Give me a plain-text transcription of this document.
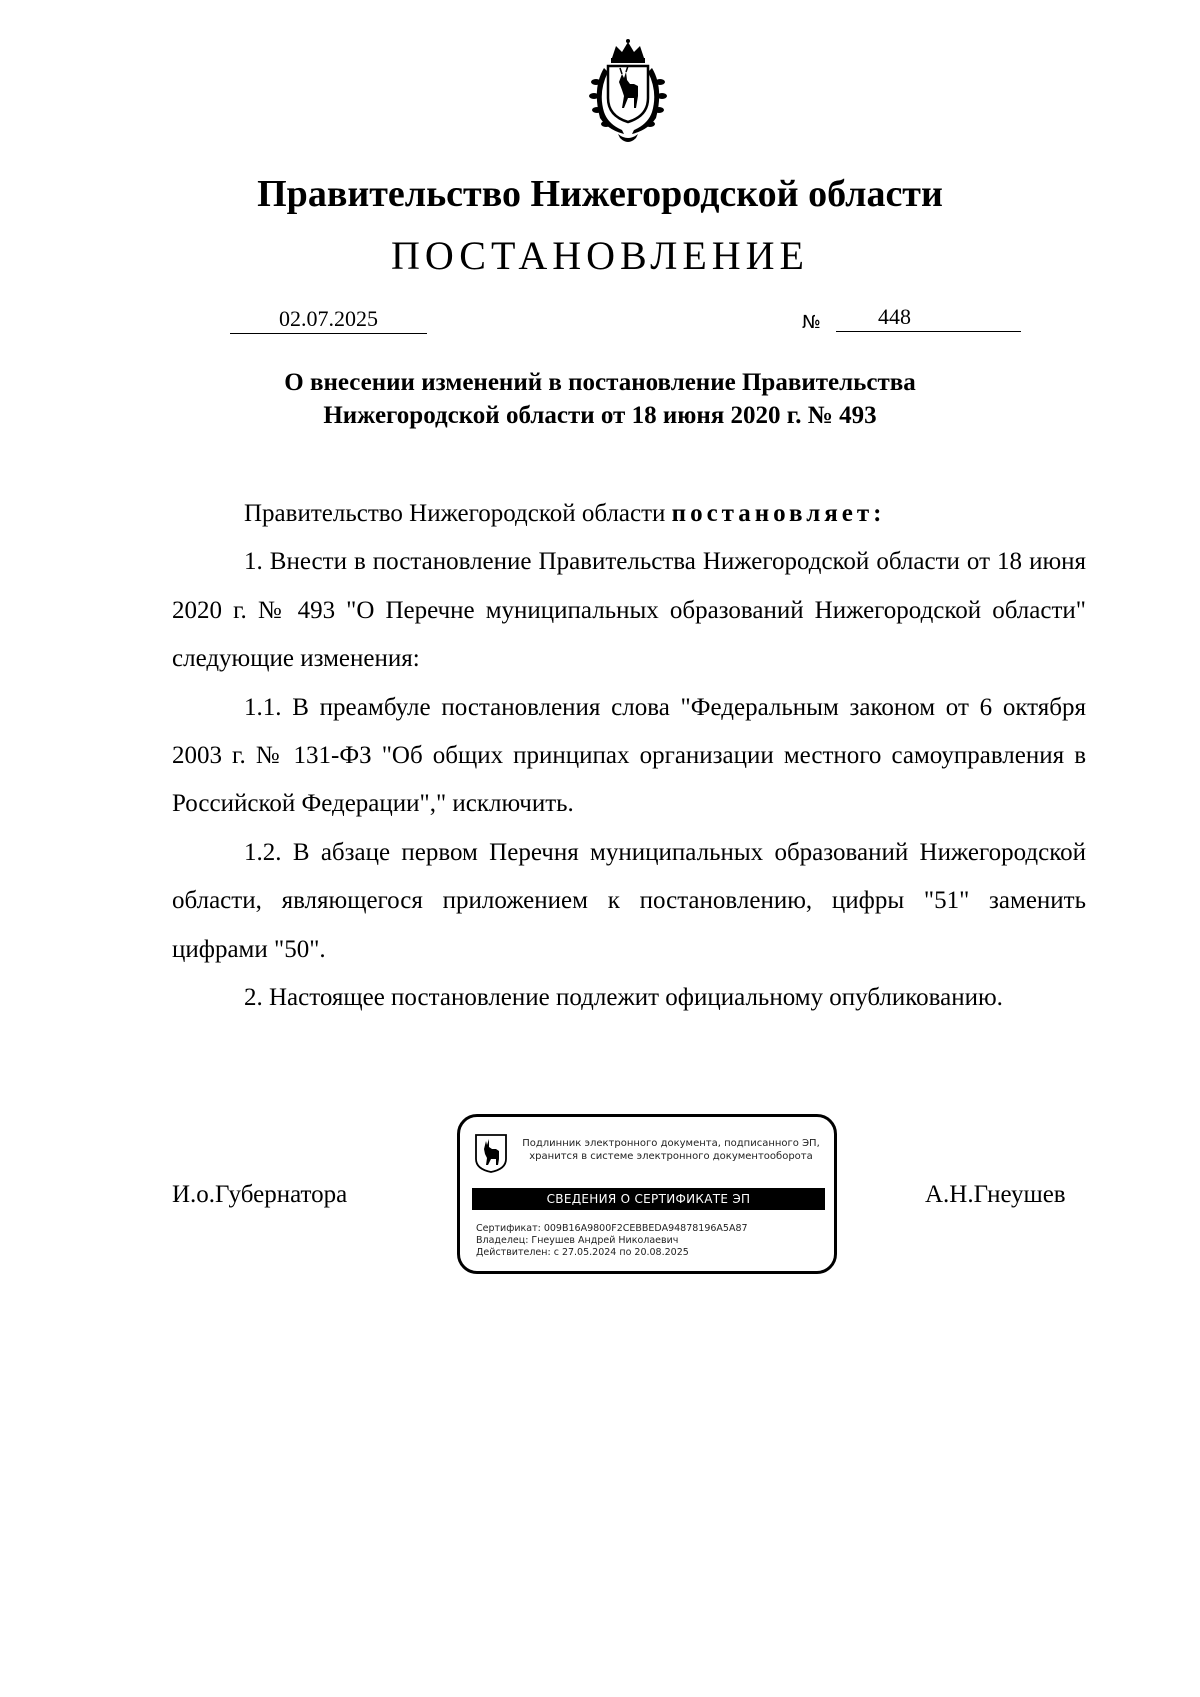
Правительство Нижегородской области
ПОСТАНОВЛЕНИЕ
02.07.2025	№	448
О внесении изменений в постановление Правительства
Нижегородской области от 18 июня 2020 г. № 493

Правительство Нижегородской области постановляет:

1. Внести в постановление Правительства Нижегородской области от 18 июня 2020 г. № 493 "О Перечне муниципальных образований Нижегородской области" следующие изменения:

1.1. В преамбуле постановления слова "Федеральным законом от 6 октября 2003 г. № 131-ФЗ "Об общих принципах организации местного самоуправления в Российской Федерации"," исключить.

1.2. В абзаце первом Перечня муниципальных образований Нижегородской области, являющегося приложением к постановлению, цифры "51" заменить цифрами "50".

2. Настоящее постановление подлежит официальному опубликованию.

И.о.Губернатора	А.Н.Гнеушев
Подлинник электронного документа, подписанного ЭП,
хранится в системе электронного документооборота
СВЕДЕНИЯ О СЕРТИФИКАТЕ ЭП
Сертификат: 009B16A9800F2CEBBEDA94878196A5A87
Владелец: Гнеушев Андрей Николаевич
Действителен: с 27.05.2024 по 20.08.2025
